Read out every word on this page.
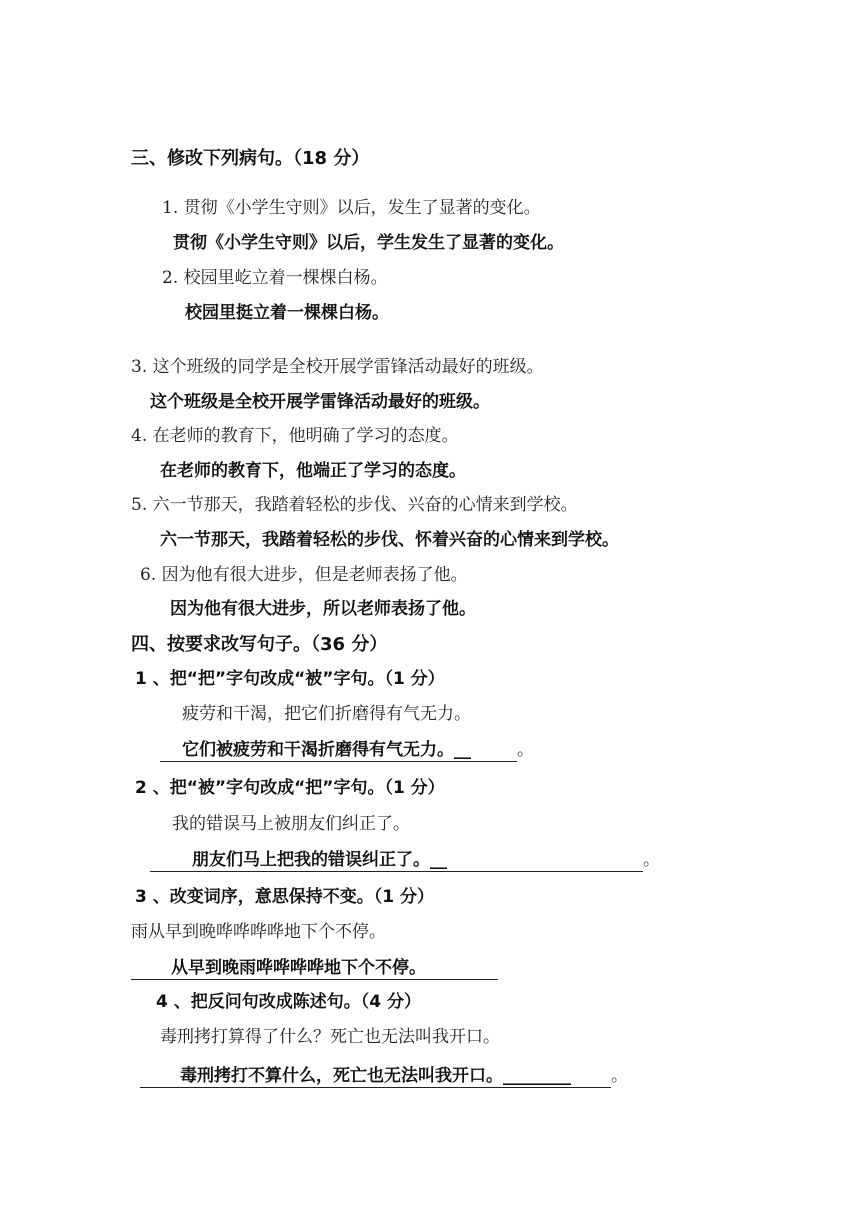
三、修改下列病句。（18 分）
1. 贯彻《小学生守则》以后，发生了显著的变化。
贯彻《小学生守则》以后，学生发生了显著的变化。
2. 校园里屹立着一棵棵白杨。
校园里挺立着一棵棵白杨。
3. 这个班级的同学是全校开展学雷锋活动最好的班级。
这个班级是全校开展学雷锋活动最好的班级。
4. 在老师的教育下，他明确了学习的态度。
在老师的教育下，他端正了学习的态度。
5. 六一节那天，我踏着轻松的步伐、兴奋的心情来到学校。
六一节那天，我踏着轻松的步伐、怀着兴奋的心情来到学校。
6. 因为他有很大进步，但是老师表扬了他。
因为他有很大进步，所以老师表扬了他。
四、按要求改写句子。（36 分）
1 、把“把”字句改成“被”字句。（1 分）
疲劳和干渴，把它们折磨得有气无力。
它们被疲劳和干渴折磨得有气无力。__	。
2 、把“被”字句改成“把”字句。（1 分）
我的错误马上被朋友们纠正了。
朋友们马上把我的错误纠正了。__	。
3 、改变词序，意思保持不变。（1 分）
雨从早到晚哗哗哗哗地下个不停。
从早到晚雨哗哗哗哗地下个不停。
4 、把反问句改成陈述句。（4 分）
毒刑拷打算得了什么？死亡也无法叫我开口。
毒刑拷打不算什么，死亡也无法叫我开口。________ 。
